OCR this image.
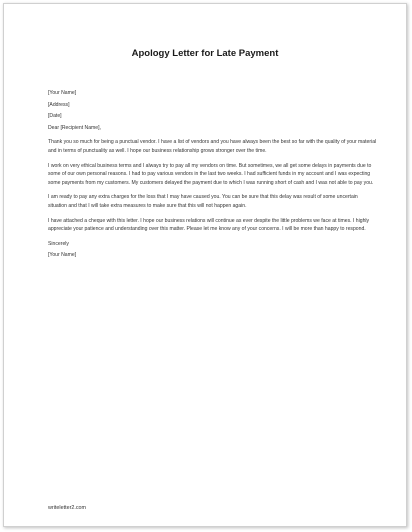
Apology Letter for Late Payment

[Your Name]

[Address]

[Date]

Dear [Recipient Name],

Thank you so much for being a punctual vendor. I have a list of vendors and you have always been the best so far with the quality of your material and in terms of punctuality as well. I hope our business relationship grows stronger over the time.

I work on very ethical business terms and I always try to pay all my vendors on time. But sometimes, we all get some delays in payments due to some of our own personal reasons. I had to pay various vendors in the last two weeks. I had sufficient funds in my account and I was expecting some payments from my customers. My customers delayed the payment due to which I was running short of cash and I was not able to pay you.

I am ready to pay any extra charges for the loss that I may have caused you. You can be sure that this delay was result of some uncertain situation and that I will take extra measures to make sure that this will not happen again.

I have attached a cheque with this letter. I hope our business relations will continue as ever despite the little problems we face at times. I highly appreciate your patience and understanding over this matter. Please let me know any of your concerns. I will be more than happy to respond.

Sincerely

[Your Name]

writeletter2.com
